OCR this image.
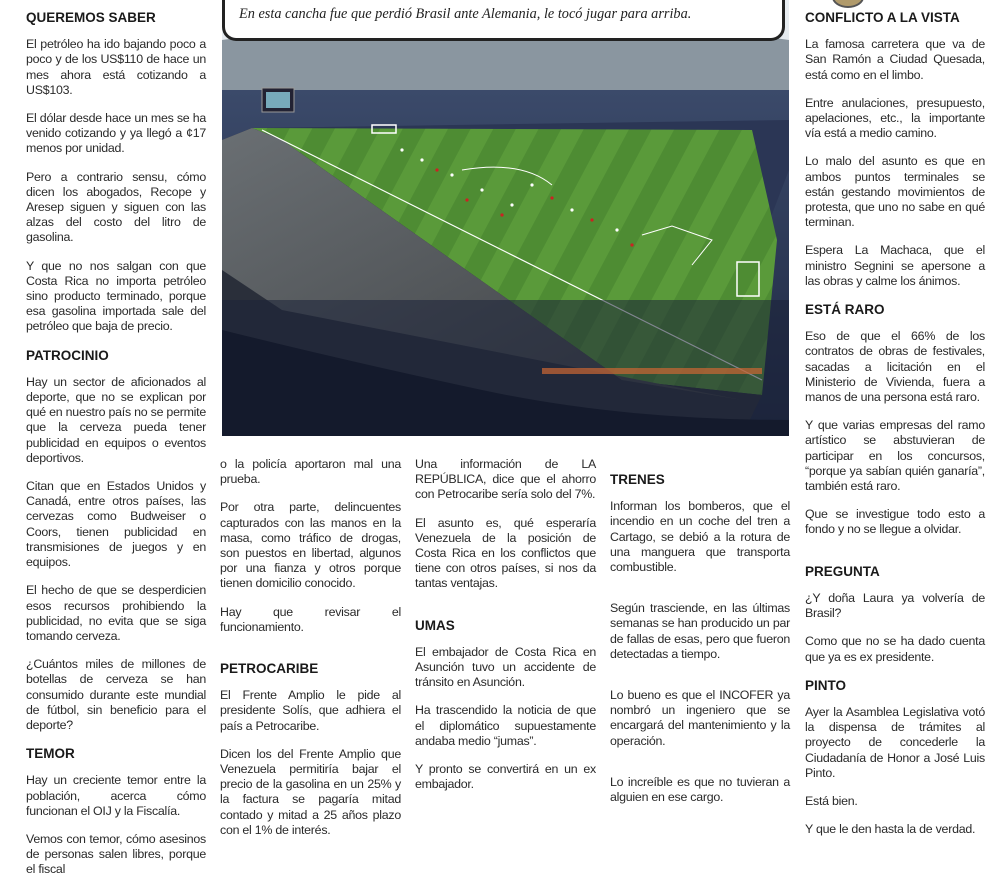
QUEREMOS SABER

El petróleo ha ido bajando poco a poco y de los US$110 de hace un mes ahora está cotizando a US$103.

El dólar desde hace un mes se ha venido cotizando y ya llegó a ¢17 menos por unidad.

Pero a contrario sensu, cómo dicen los abogados, Recope y Aresep siguen y siguen con las alzas del costo del litro de gasolina.

Y que no nos salgan con que Costa Rica no importa petróleo sino producto terminado, porque esa gasolina importada sale del petróleo que baja de precio.

PATROCINIO

Hay un sector de aficionados al deporte, que no se explican por qué en nuestro país no se permite que la cerveza pueda tener publicidad en equipos o eventos deportivos.

Citan que en Estados Unidos y Canadá, entre otros países, las cervezas como Budweiser o Coors, tienen publicidad en transmisiones de juegos y en equipos.

El hecho de que se desperdicien esos recursos prohibiendo la publicidad, no evita que se siga tomando cerveza.

¿Cuántos miles de millones de botellas de cerveza se han consumido durante este mundial de fútbol, sin beneficio para el deporte?

TEMOR

Hay un creciente temor entre la población, acerca cómo funcionan el OIJ y la Fiscalía.

Vemos con temor, cómo asesinos de personas salen libres, porque el fiscal

En esta cancha fue que perdió Brasil ante Alemania, le tocó jugar para arriba.

o la policía aportaron mal una prueba.

Por otra parte, delincuentes capturados con las manos en la masa, como tráfico de drogas, son puestos en libertad, algunos por una fianza y otros porque tienen domicilio conocido.

Hay que revisar el funcionamiento.

PETROCARIBE

El Frente Amplio le pide al presidente Solís, que adhiera el país a Petrocaribe.

Dicen los del Frente Amplio que Venezuela permitiría bajar el precio de la gasolina en un 25% y la factura se pagaría mitad contado y mitad a 25 años plazo con el 1% de interés.

Una información de LA REPÚBLICA, dice que el ahorro con Petrocaribe sería solo del 7%.

El asunto es, qué esperaría Venezuela de la posición de Costa Rica en los conflictos que tiene con otros países, si nos da tantas ventajas.

UMAS

El embajador de Costa Rica en Asunción tuvo un accidente de tránsito en Asunción.

Ha trascendido la noticia de que el diplomático supuestamente andaba medio “jumas”.

Y pronto se convertirá en un ex embajador.

TRENES

Informan los bomberos, que el incendio en un coche del tren a Cartago, se debió a la rotura de una manguera que transporta combustible.

Según trasciende, en las últimas semanas se han producido un par de fallas de esas, pero que fueron detectadas a tiempo.

Lo bueno es que el INCOFER ya nombró un ingeniero que se encargará del mantenimiento y la operación.

Lo increíble es que no tuvieran a alguien en ese cargo.

CONFLICTO A LA VISTA

La famosa carretera que va de San Ramón a Ciudad Quesada, está como en el limbo.

Entre anulaciones, presupuesto, apelaciones, etc., la importante vía está a medio camino.

Lo malo del asunto es que en ambos puntos terminales se están gestando movimientos de protesta, que uno no sabe en qué terminan.

Espera La Machaca, que el ministro Segnini se apersone a las obras y calme los ánimos.

ESTÁ RARO

Eso de que el 66% de los contratos de obras de festivales, sacadas a licitación en el Ministerio de Vivienda, fuera a manos de una persona está raro.

Y que varias empresas del ramo artístico se abstuvieran de participar en los concursos, “porque ya sabían quién ganaría”, también está raro.

Que se investigue todo esto a fondo y no se llegue a olvidar.

PREGUNTA

¿Y doña Laura ya volvería de Brasil?

Como que no se ha dado cuenta que ya es ex presidente.

PINTO

Ayer la Asamblea Legislativa votó la dispensa de trámites al proyecto de concederle la Ciudadanía de Honor a José Luis Pinto.

Está bien.

Y que le den hasta la de verdad.
